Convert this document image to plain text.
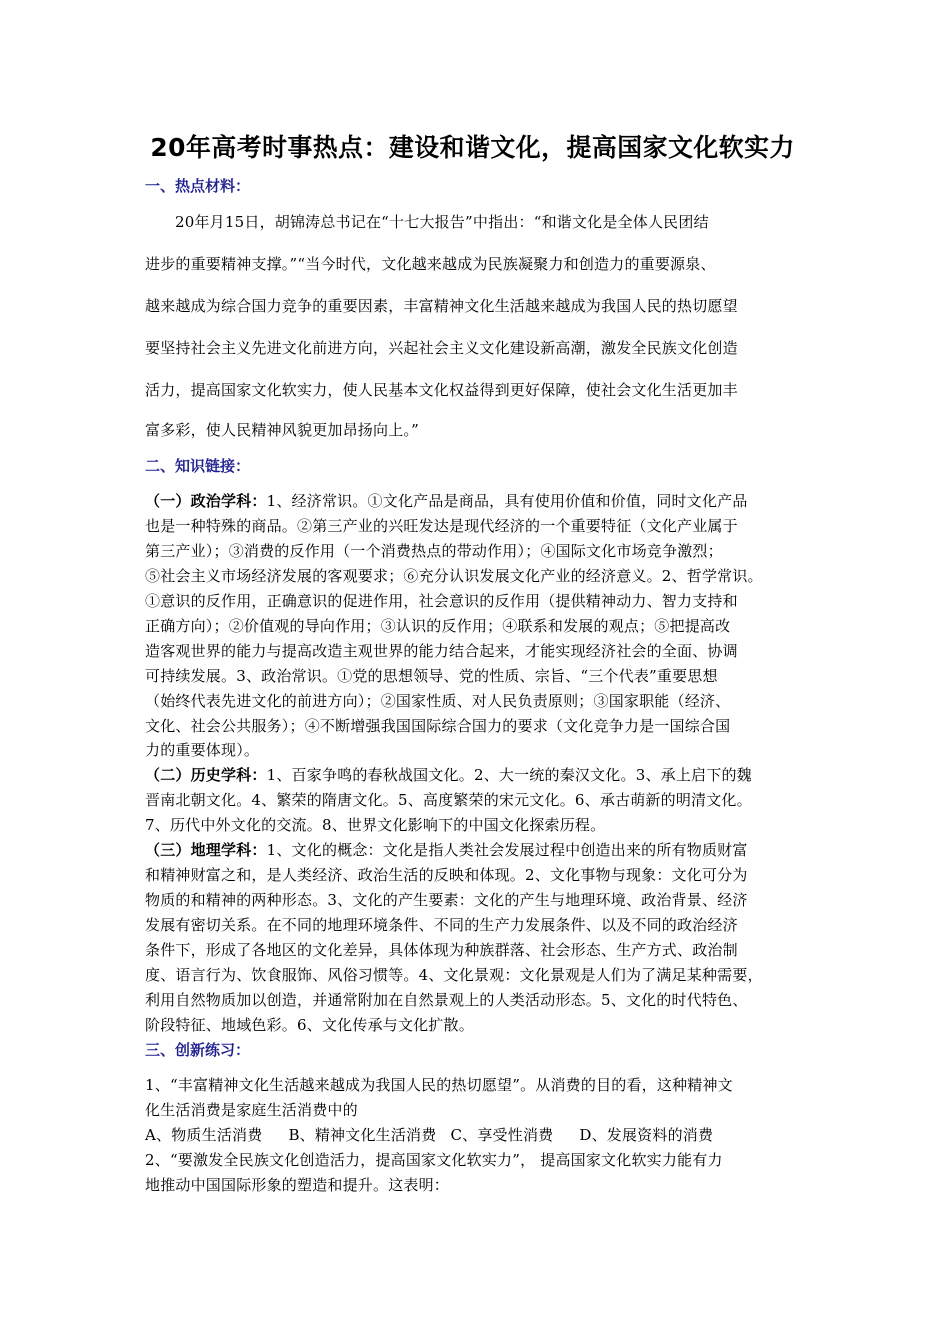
20年高考时事热点：建设和谐文化，提高国家文化软实力
一、热点材料：
20年月15日，胡锦涛总书记在“十七大报告”中指出：“和谐文化是全体人民团结
进步的重要精神支撑。”“当今时代，文化越来越成为民族凝聚力和创造力的重要源泉、
越来越成为综合国力竞争的重要因素，丰富精神文化生活越来越成为我国人民的热切愿望
要坚持社会主义先进文化前进方向，兴起社会主义文化建设新高潮，激发全民族文化创造
活力，提高国家文化软实力，使人民基本文化权益得到更好保障，使社会文化生活更加丰
富多彩，使人民精神风貌更加昂扬向上。”
二、知识链接：
（一）政治学科：1、经济常识。①文化产品是商品，具有使用价值和价值，同时文化产品
也是一种特殊的商品。②第三产业的兴旺发达是现代经济的一个重要特征（文化产业属于
第三产业）；③消费的反作用（一个消费热点的带动作用）；④国际文化市场竞争激烈；
⑤社会主义市场经济发展的客观要求；⑥充分认识发展文化产业的经济意义。2、哲学常识。
①意识的反作用，正确意识的促进作用，社会意识的反作用（提供精神动力、智力支持和
正确方向）；②价值观的导向作用；③认识的反作用；④联系和发展的观点；⑤把提高改
造客观世界的能力与提高改造主观世界的能力结合起来，才能实现经济社会的全面、协调
可持续发展。3、政治常识。①党的思想领导、党的性质、宗旨、“三个代表”重要思想
（始终代表先进文化的前进方向）；②国家性质、对人民负责原则；③国家职能（经济、
文化、社会公共服务）；④不断增强我国国际综合国力的要求（文化竞争力是一国综合国
力的重要体现）。
（二）历史学科：1、百家争鸣的春秋战国文化。2、大一统的秦汉文化。3、承上启下的魏
晋南北朝文化。4、繁荣的隋唐文化。5、高度繁荣的宋元文化。6、承古萌新的明清文化。
7、历代中外文化的交流。8、世界文化影响下的中国文化探索历程。
（三）地理学科：1、文化的概念：文化是指人类社会发展过程中创造出来的所有物质财富
和精神财富之和，是人类经济、政治生活的反映和体现。2、文化事物与现象：文化可分为
物质的和精神的两种形态。3、文化的产生要素：文化的产生与地理环境、政治背景、经济
发展有密切关系。在不同的地理环境条件、不同的生产力发展条件、以及不同的政治经济
条件下，形成了各地区的文化差异，具体体现为种族群落、社会形态、生产方式、政治制
度、语言行为、饮食服饰、风俗习惯等。4、文化景观：文化景观是人们为了满足某种需要，
利用自然物质加以创造，并通常附加在自然景观上的人类活动形态。5、文化的时代特色、
阶段特征、地域色彩。6、文化传承与文化扩散。
三、创新练习：
1、“丰富精神文化生活越来越成为我国人民的热切愿望”。从消费的目的看，这种精神文
化生活消费是家庭生活消费中的
A、物质生活消费 B、精神文化生活消费 C、享受性消费 D、发展资料的消费
2、“要激发全民族文化创造活力，提高国家文化软实力”， 提高国家文化软实力能有力
地推动中国国际形象的塑造和提升。这表明：
